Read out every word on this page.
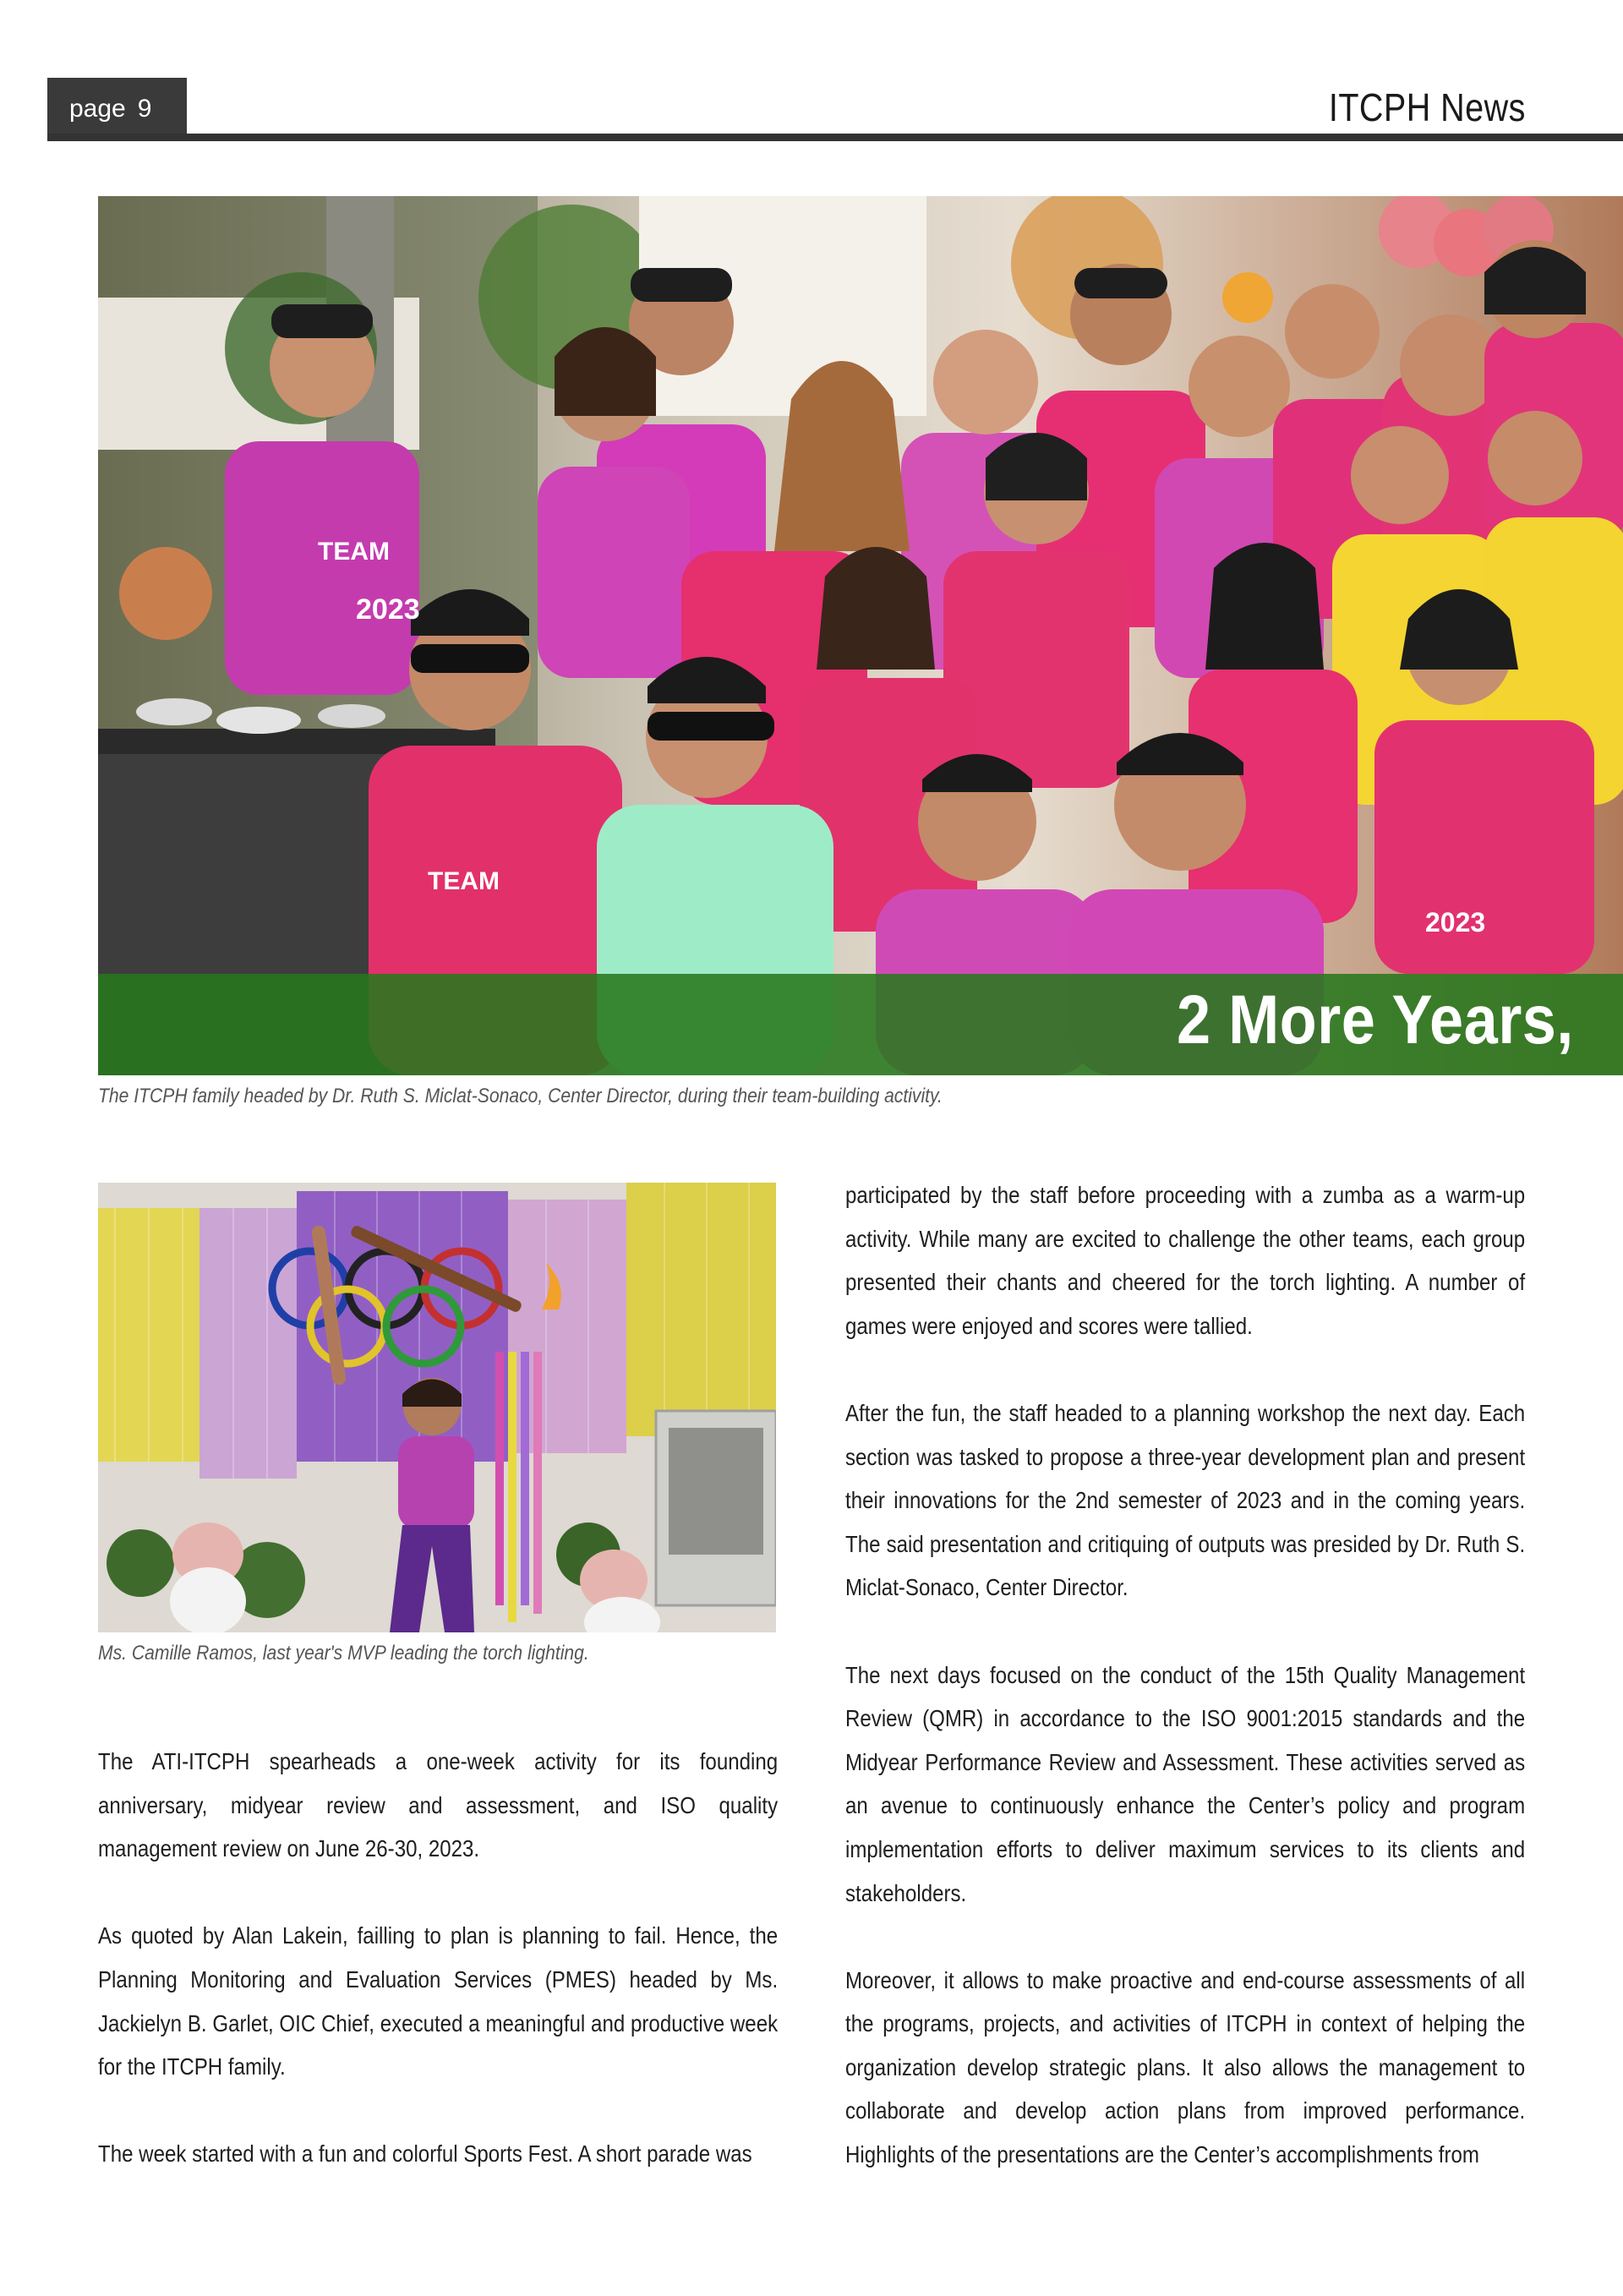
page 9	ITCPH News
TEAM
2023
TEAM
2023
2 More Years,
The ITCPH family headed by Dr. Ruth S. Miclat-Sonaco, Center Director, during their team-building activity.
Ms. Camille Ramos, last year's MVP leading the torch lighting.

The ATI-ITCPH spearheads a one-week activity for its founding anniversary, midyear review and assessment, and ISO quality management review on June 26-30, 2023.

As quoted by Alan Lakein, failling to plan is planning to fail. Hence, the Planning Monitoring and Evaluation Services (PMES) headed by Ms. Jackielyn B. Garlet, OIC Chief, executed a meaningful and productive week for the ITCPH family.

The week started with a fun and colorful Sports Fest. A short parade was

participated by the staff before proceeding with a zumba as a warm-up activity. While many are excited to challenge the other teams, each group presented their chants and cheered for the torch lighting. A number of games were enjoyed and scores were tallied.

After the fun, the staff headed to a planning workshop the next day. Each section was tasked to propose a three-year development plan and present their innovations for the 2nd semester of 2023 and in the coming years. The said presentation and critiquing of outputs was presided by Dr. Ruth S. Miclat-Sonaco, Center Director.

The next days focused on the conduct of the 15th Quality Management Review (QMR) in accordance to the ISO 9001:2015 standards and the Midyear Performance Review and Assessment. These activities served as an avenue to continuously enhance the Center’s policy and program implementation efforts to deliver maximum services to its clients and stakeholders.

Moreover, it allows to make proactive and end-course assessments of all the programs, projects, and activities of ITCPH in context of helping the organization develop strategic plans. It also allows the management to collaborate and develop action plans from improved performance. Highlights of the presentations are the Center’s accomplishments from
